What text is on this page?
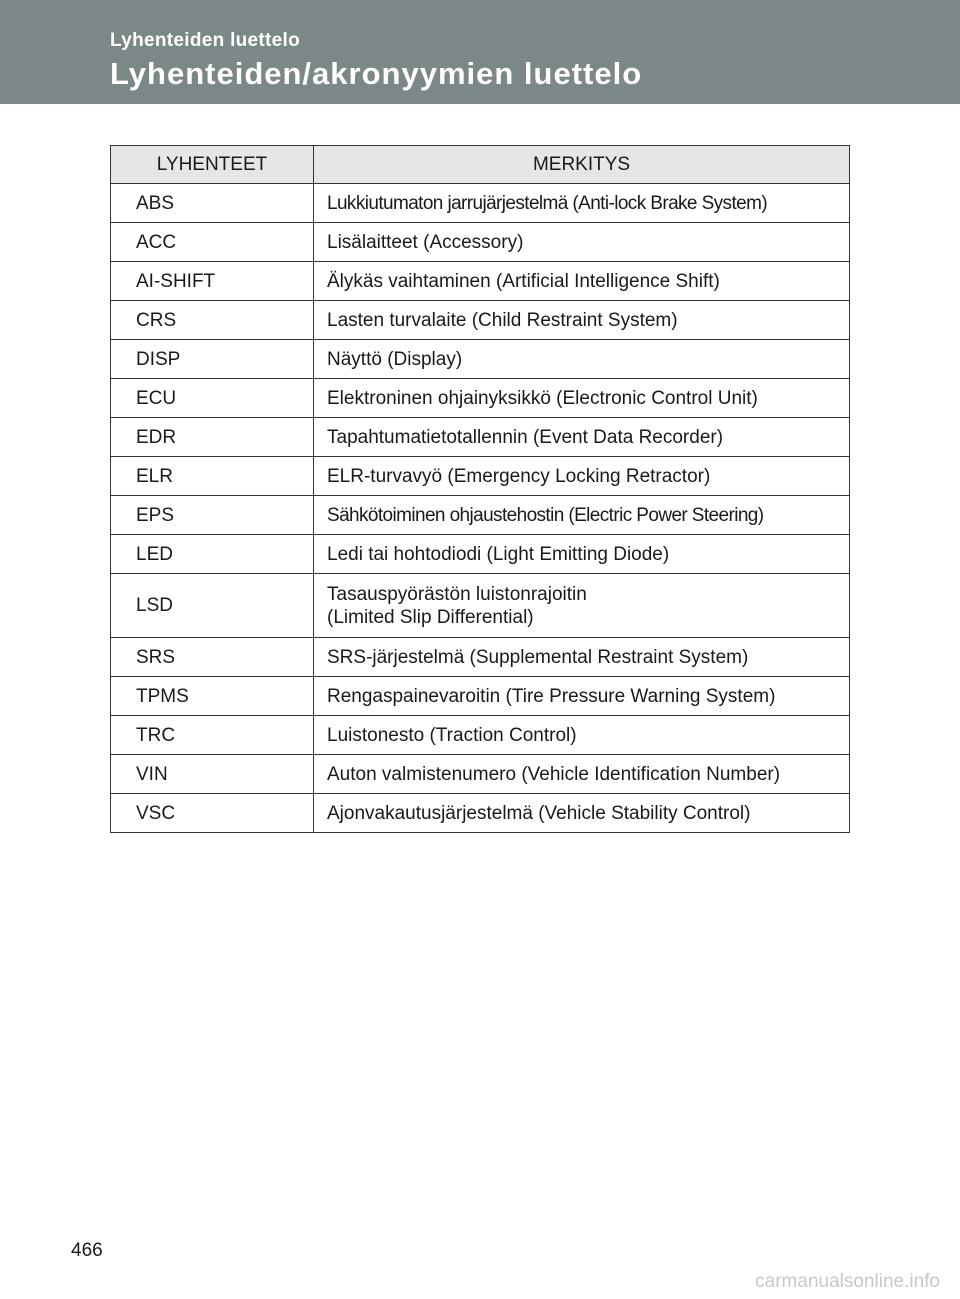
Lyhenteiden luettelo
Lyhenteiden/akronyymien luettelo
LYHENTEET	MERKITYS
ABS	Lukkiutumaton jarrujärjestelmä (Anti-lock Brake System)
ACC	Lisälaitteet (Accessory)
AI-SHIFT	Älykäs vaihtaminen (Artificial Intelligence Shift)
CRS	Lasten turvalaite (Child Restraint System)
DISP	Näyttö (Display)
ECU	Elektroninen ohjainyksikkö (Electronic Control Unit)
EDR	Tapahtumatietotallennin (Event Data Recorder)
ELR	ELR-turvavyö (Emergency Locking Retractor)
EPS	Sähkötoiminen ohjaustehostin (Electric Power Steering)
LED	Ledi tai hohtodiodi (Light Emitting Diode)
LSD	Tasauspyörästön luistonrajoitin
(Limited Slip Differential)

SRS	SRS-järjestelmä (Supplemental Restraint System)
TPMS	Rengaspainevaroitin (Tire Pressure Warning System)
TRC	Luistonesto (Traction Control)
VIN	Auton valmistenumero (Vehicle Identification Number)
VSC	Ajonvakautusjärjestelmä (Vehicle Stability Control)
466
carmanualsonline.info
